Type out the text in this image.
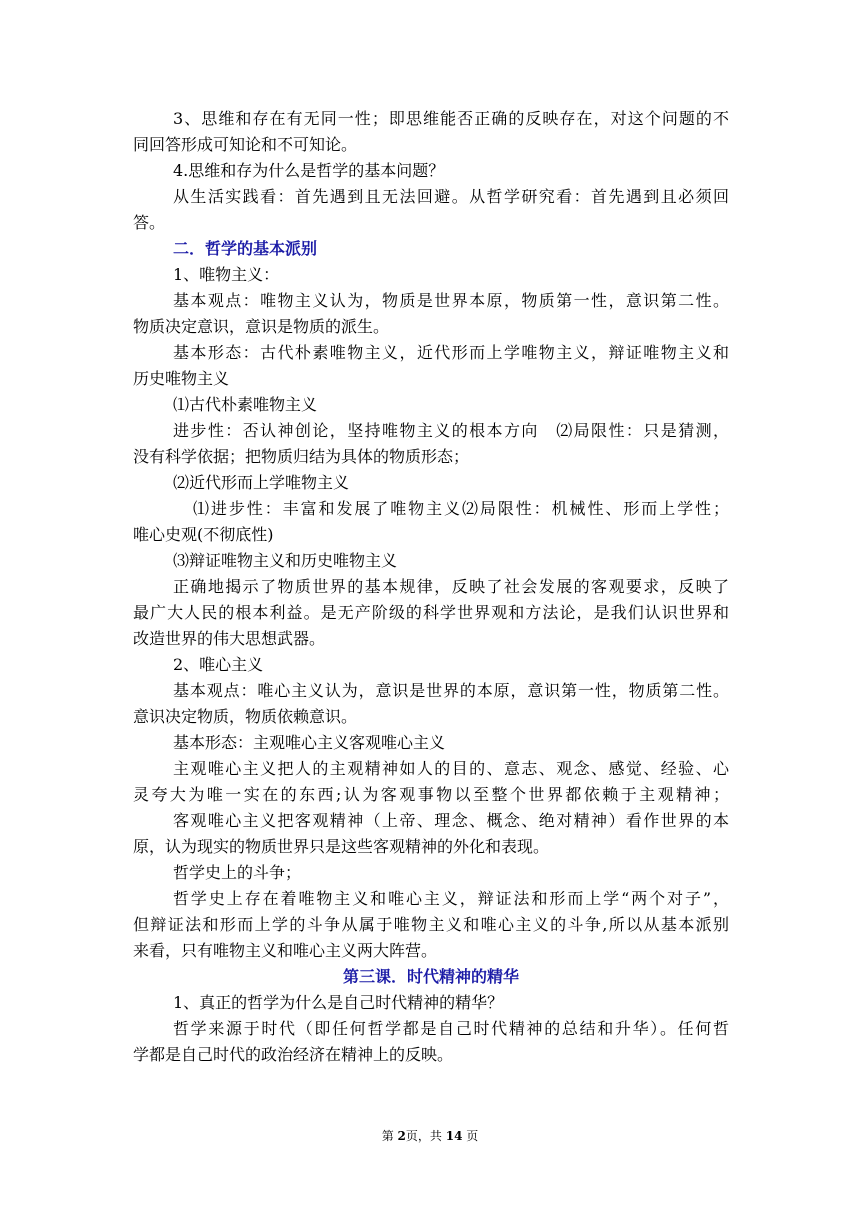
3、思维和存在有无同一性；即思维能否正确的反映存在，对这个问题的不
同回答形成可知论和不可知论。
4.思维和存为什么是哲学的基本问题？
从生活实践看：首先遇到且无法回避。从哲学研究看：首先遇到且必须回
答。
二．哲学的基本派别
1、唯物主义：
基本观点：唯物主义认为，物质是世界本原，物质第一性，意识第二性。
物质决定意识，意识是物质的派生。
基本形态：古代朴素唯物主义，近代形而上学唯物主义，辩证唯物主义和
历史唯物主义
⑴古代朴素唯物主义
进步性：否认神创论，坚持唯物主义的根本方向　⑵局限性：只是猜测，
没有科学依据；把物质归结为具体的物质形态；
⑵近代形而上学唯物主义
⑴进步性：丰富和发展了唯物主义⑵局限性：机械性、形而上学性；
唯心史观(不彻底性)
⑶辩证唯物主义和历史唯物主义
正确地揭示了物质世界的基本规律，反映了社会发展的客观要求，反映了
最广大人民的根本利益。是无产阶级的科学世界观和方法论，是我们认识世界和
改造世界的伟大思想武器。
2、唯心主义
基本观点：唯心主义认为，意识是世界的本原，意识第一性，物质第二性。
意识决定物质，物质依赖意识。
基本形态：主观唯心主义客观唯心主义
主观唯心主义把人的主观精神如人的目的、意志、观念、感觉、经验、心
灵夸大为唯一实在的东西;认为客观事物以至整个世界都依赖于主观精神；
客观唯心主义把客观精神（上帝、理念、概念、绝对精神）看作世界的本
原，认为现实的物质世界只是这些客观精神的外化和表现。
哲学史上的斗争；
哲学史上存在着唯物主义和唯心主义，辩证法和形而上学“两个对子”，
但辩证法和形而上学的斗争从属于唯物主义和唯心主义的斗争,所以从基本派别
来看，只有唯物主义和唯心主义两大阵营。
第三课．时代精神的精华
1、真正的哲学为什么是自己时代精神的精华？
哲学来源于时代（即任何哲学都是自己时代精神的总结和升华）。任何哲
学都是自己时代的政治经济在精神上的反映。
第 2页，共 14 页
